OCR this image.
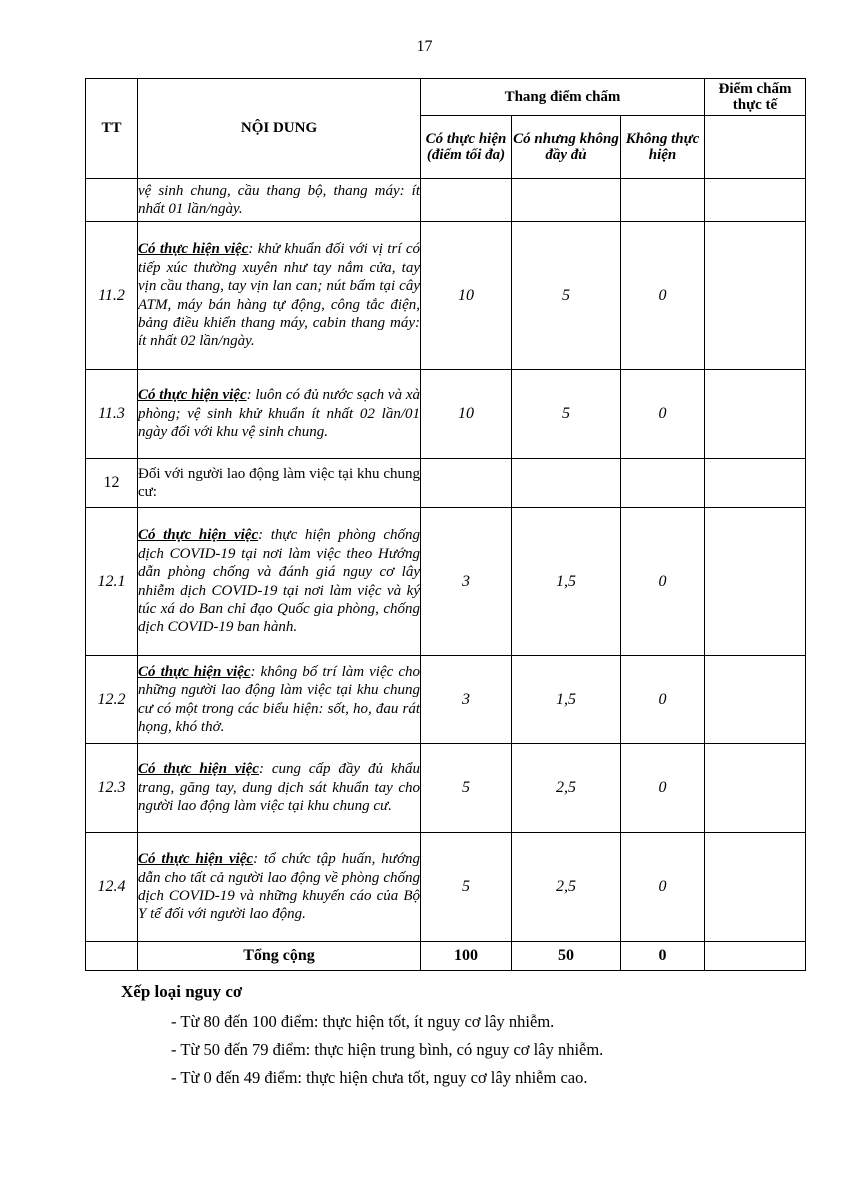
17
TT	NỘI DUNG	Thang điểm chấm			Điểm chấm thực tế
		Có thực hiện (điểm tối đa)	Có nhưng không đầy đủ	Không thực hiện	
	vệ sinh chung, cầu thang bộ, thang máy: ít nhất 01 lần/ngày.				
11.2	Có thực hiện việc: khử khuẩn đối với vị trí có tiếp xúc thường xuyên như tay nắm cửa, tay vịn cầu thang, tay vịn lan can; nút bấm tại cây ATM, máy bán hàng tự động, công tắc điện, bảng điều khiển thang máy, cabin thang máy: ít nhất 02 lần/ngày.	10	5	0	
11.3	Có thực hiện việc: luôn có đủ nước sạch và xà phòng; vệ sinh khử khuẩn ít nhất 02 lần/01 ngày đối với khu vệ sinh chung.	10	5	0	
12	Đối với người lao động làm việc tại khu chung cư:				
12.1	Có thực hiện việc: thực hiện phòng chống dịch COVID-19 tại nơi làm việc theo Hướng dẫn phòng chống và đánh giá nguy cơ lây nhiễm dịch COVID-19 tại nơi làm việc và ký túc xá do Ban chỉ đạo Quốc gia phòng, chống dịch COVID-19 ban hành.	3	1,5	0	
12.2	Có thực hiện việc: không bố trí làm việc cho những người lao động làm việc tại khu chung cư có một trong các biểu hiện: sốt, ho, đau rát họng, khó thở.	3	1,5	0	
12.3	Có thực hiện việc: cung cấp đầy đủ khẩu trang, găng tay, dung dịch sát khuẩn tay cho người lao động làm việc tại khu chung cư.	5	2,5	0	
12.4	Có thực hiện việc: tổ chức tập huấn, hướng dẫn cho tất cả người lao động về phòng chống dịch COVID-19 và những khuyến cáo của Bộ Y tế đối với người lao động.	5	2,5	0	
	Tổng cộng	100	50	0	
Xếp loại nguy cơ
- Từ 80 đến 100 điểm: thực hiện tốt, ít nguy cơ lây nhiễm.
- Từ 50 đến 79 điểm: thực hiện trung bình, có nguy cơ lây nhiễm.
- Từ 0 đến 49 điểm: thực hiện chưa tốt, nguy cơ lây nhiễm cao.
